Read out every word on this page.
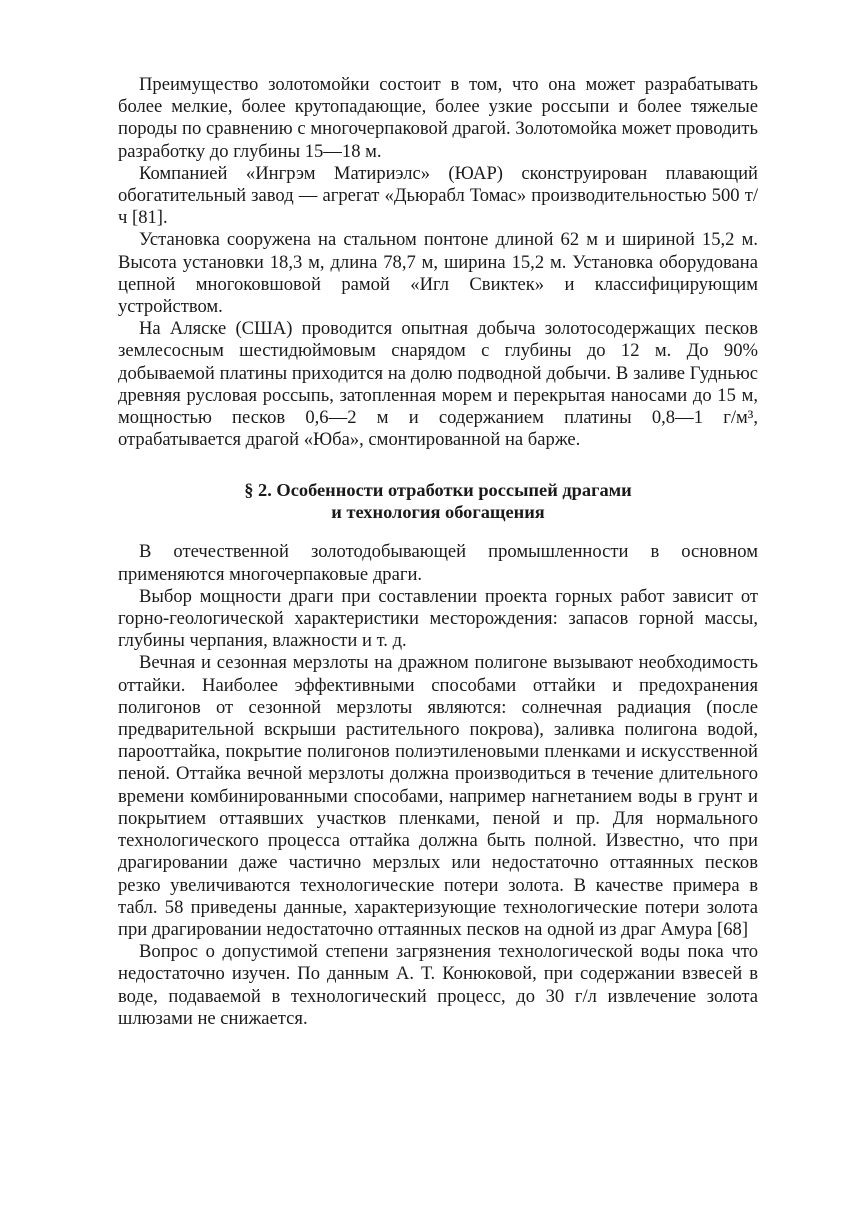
Преимущество золотомойки состоит в том, что она может разрабатывать более мелкие, более крутопадающие, более узкие россыпи и более тяжелые породы по сравнению с многочерпаковой драгой. Золотомойка может проводить разработку до глубины 15—18 м.

Компанией «Ингрэм Матириэлс» (ЮАР) сконструирован плавающий обогатительный завод — агрегат «Дьюрабл Томас» производительностью 500 т/ч [81].

Установка сооружена на стальном понтоне длиной 62 м и шириной 15,2 м. Высота установки 18,3 м, длина 78,7 м, ширина 15,2 м. Установка оборудована цепной многоковшовой рамой «Игл Свиктек» и классифицирующим устройством.

На Аляске (США) проводится опытная добыча золотосодержащих песков землесосным шестидюймовым снарядом с глубины до 12 м. До 90% добываемой платины приходится на долю подводной добычи. В заливе Гудньюс древняя русловая россыпь, затопленная морем и перекрытая наносами до 15 м, мощностью песков 0,6—2 м и содержанием платины 0,8—1 г/м³, отрабатывается драгой «Юба», смонтированной на барже.

§ 2. Особенности отработки россыпей драгами
и технология обогащения

В отечественной золотодобывающей промышленности в основном применяются многочерпаковые драги.

Выбор мощности драги при составлении проекта горных работ зависит от горно-геологической характеристики месторождения: запасов горной массы, глубины черпания, влажности и т. д.

Вечная и сезонная мерзлоты на дражном полигоне вызывают необходимость оттайки. Наиболее эффективными способами оттайки и предохранения полигонов от сезонной мерзлоты являются: солнечная радиация (после предварительной вскрыши растительного покрова), заливка полигона водой, парооттайка, покрытие полигонов полиэтиленовыми пленками и искусственной пеной. Оттайка вечной мерзлоты должна производиться в течение длительного времени комбинированными способами, например нагнетанием воды в грунт и покрытием оттаявших участков пленками, пеной и пр. Для нормального технологического процесса оттайка должна быть полной. Известно, что при драгировании даже частично мерзлых или недостаточно оттаянных песков резко увеличиваются технологические потери золота. В качестве примера в табл. 58 приведены данные, характеризующие технологические потери золота при драгировании недостаточно оттаянных песков на одной из драг Амура [68]

Вопрос о допустимой степени загрязнения технологической воды пока что недостаточно изучен. По данным А. Т. Конюковой, при содержании взвесей в воде, подаваемой в технологический процесс, до 30 г/л извлечение золота шлюзами не снижается.
